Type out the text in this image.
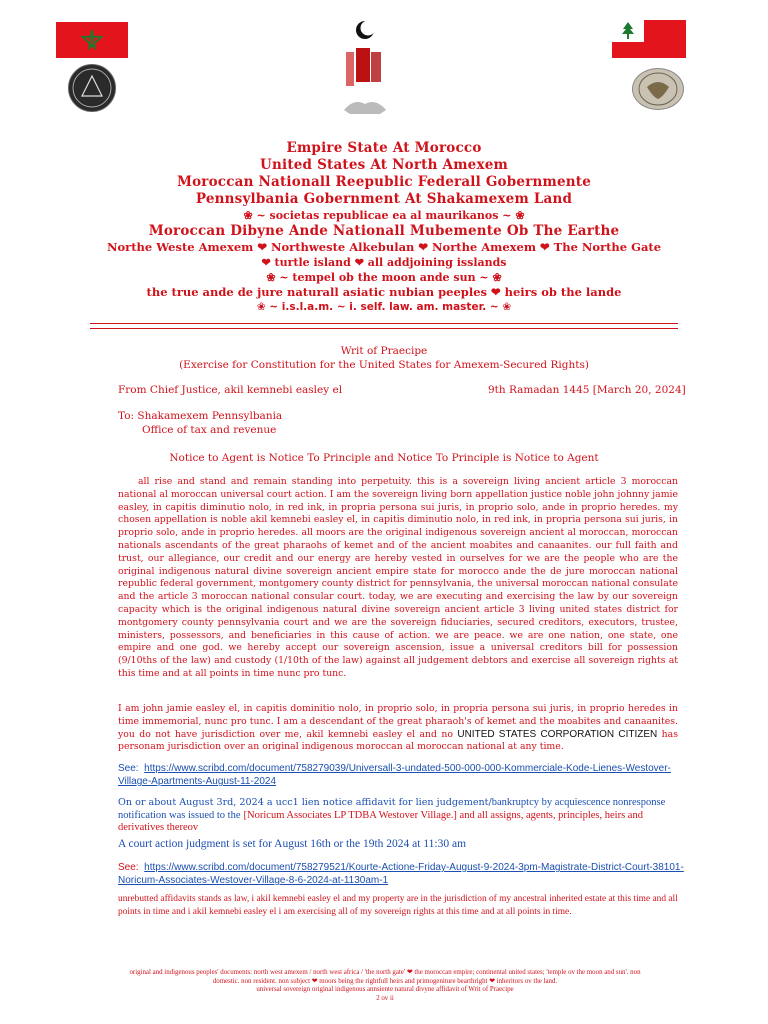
Empire State At Morocco
United States At North Amexem
Moroccan Nationall Reepublic Federall Gobernmente
Pennsylbania Gobernment At Shakamexem Land
❀ ~ societas republicae ea al maurikanos ~ ❀
Moroccan Dibyne Ande Nationall Mubemente Ob The Earthe
Northe Weste Amexem ❤ Northweste Alkebulan ❤ Northe Amexem ❤ The Northe Gate
❤ turtle island ❤ all addjoining isslands
❀ ~ tempel ob the moon ande sun ~ ❀
the true ande de jure naturall asiatic nubian peeples ❤ heirs ob the lande
❀ ~ i.s.l.a.m. ~ i. self. law. am. master. ~ ❀
Writ of Praecipe
(Exercise for Constitution for the United States for Amexem-Secured Rights)
From Chief Justice, akil kemnebi easley el	9th Ramadan 1445 [March 20, 2024]
To: Shakamexem Pennsylbania
Office of tax and revenue
Notice to Agent is Notice To Principle and Notice To Principle is Notice to Agent
all rise and stand and remain standing into perpetuity. this is a sovereign living ancient article 3 moroccan national al moroccan universal court action. I am the sovereign living born appellation justice noble john johnny jamie easley, in capitis diminutio nolo, in red ink, in propria persona sui juris, in proprio solo, ande in proprio heredes. my chosen appellation is noble akil kemnebi easley el, in capitis diminutio nolo, in red ink, in propria persona sui juris, in proprio solo, ande in proprio heredes. all moors are the original indigenous sovereign ancient al moroccan, moroccan nationals ascendants of the great pharaohs of kemet and of the ancient moabites and canaanites. our full faith and trust, our allegiance, our credit and our energy are hereby vested in ourselves for we are the people who are the original indigenous natural divine sovereign ancient empire state for morocco ande the de jure moroccan national republic federal government, montgomery county district for pennsylvania, the universal moroccan national consulate and the article 3 moroccan national consular court. today, we are executing and exercising the law by our sovereign capacity which is the original indigenous natural divine sovereign ancient article 3 living united states district for montgomery county pennsylvania court and we are the sovereign fiduciaries, secured creditors, executors, trustee, ministers, possessors, and beneficiaries in this cause of action. we are peace. we are one nation, one state, one empire and one god. we hereby accept our sovereign ascension, issue a universal creditors bill for possession (9/10ths of the law) and custody (1/10th of the law) against all judgement debtors and exercise all sovereign rights at this time and at all points in time nunc pro tunc.
I am john jamie easley el, in capitis dominitio nolo, in proprio solo, in propria persona sui juris, in proprio heredes in time immemorial, nunc pro tunc. I am a descendant of the great pharaoh's of kemet and the moabites and canaanites. you do not have jurisdiction over me, akil kemnebi easley el and no UNITED STATES CORPORATION CITIZEN has personam jurisdiction over an original indigenous moroccan al moroccan national at any time.
See: https://www.scribd.com/document/758279039/Universall-3-undated-500-000-000-Kommerciale-Kode-Lienes-Westover-Village-Apartments-August-11-2024
On or about August 3rd, 2024 a ucc1 lien notice affidavit for lien judgement/bankruptcy by acquiescence nonresponse notification was issued to the [Noricum Associates LP TDBA Westover Village.] and all assigns, agents, principles, heirs and derivatives thereov
A court action judgment is set for August 16th or the 19th 2024 at 11:30 am
See: https://www.scribd.com/document/758279521/Kourte-Actione-Friday-August-9-2024-3pm-Magistrate-District-Court-38101-Noricum-Associates-Westover-Village-8-6-2024-at-1130am-1
unrebutted affidavits stands as law, i akil kemnebi easley el and my property are in the jurisdiction of my ancestral inherited estate at this time and all points in time and i akil kemnebi easley el i am exercising all of my sovereign rights at this time and at all points in time.
original and indigenous peoples' documents: north west amexem / north west africa / 'the north gate' ❤ the moroccan empire; continental united states; 'temple ov the moon and sun'. non domestic. non resident. non subject ❤ moors being the rightfull heirs and primogeniture bearthright ❤ inheritors ov the land.
universal sovereign original indigenous annsiente natural divyne affidavit of Writ of Praecipe
2 ov ii
